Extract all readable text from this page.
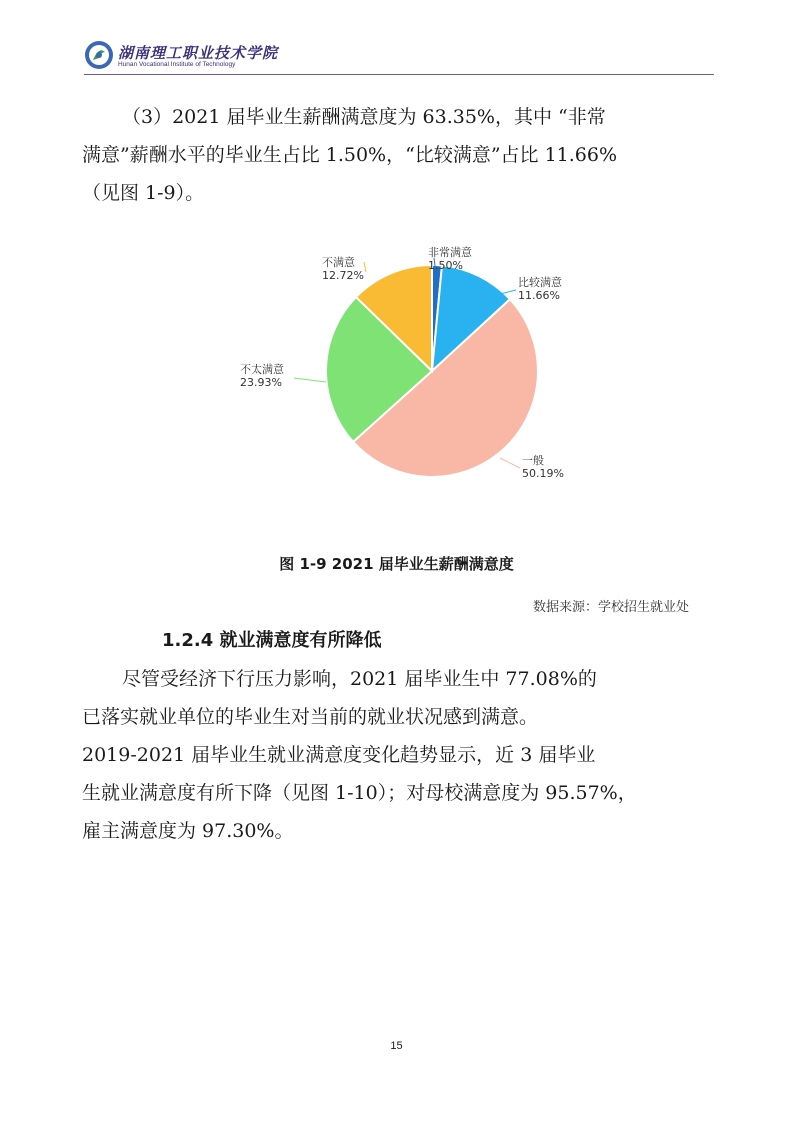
湖南理工职业技术学院
Hunan Vocational Institute of Technology
（3）2021 届毕业生薪酬满意度为 63.35%，其中 “非常
满意”薪酬水平的毕业生占比 1.50%，“比较满意”占比 11.66%
（见图 1-9）。
非常满意
1.50%
比较满意
11.66%
一般
50.19%
不太满意
23.93%
不满意
12.72%
图 1-9 2021 届毕业生薪酬满意度
数据来源：学校招生就业处
1.2.4 就业满意度有所降低
尽管受经济下行压力影响，2021 届毕业生中 77.08%的
已落实就业单位的毕业生对当前的就业状况感到满意。
2019-2021 届毕业生就业满意度变化趋势显示，近 3 届毕业
生就业满意度有所下降（见图 1-10）；对母校满意度为 95.57%，
雇主满意度为 97.30%。
15
